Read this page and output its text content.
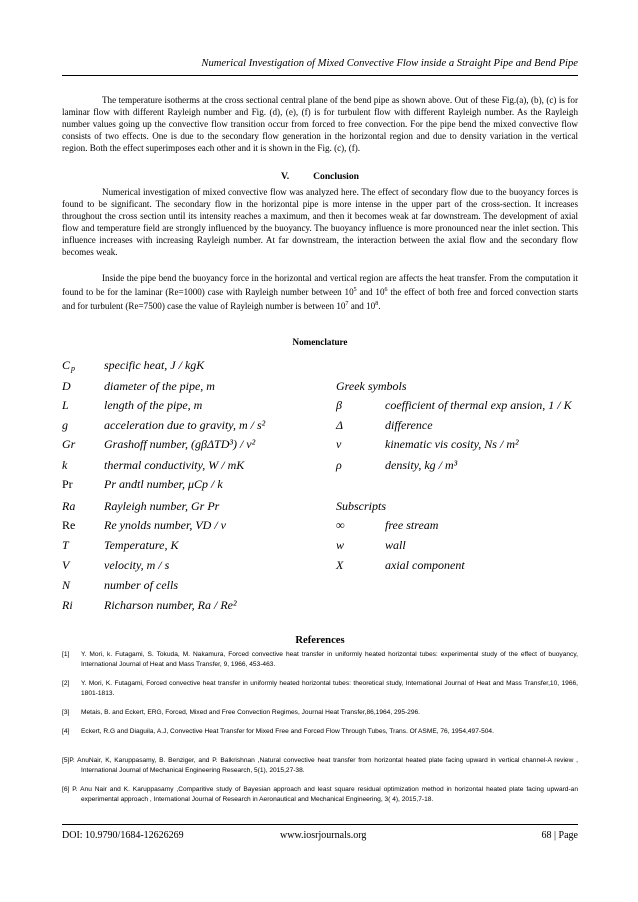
Numerical Investigation of Mixed Convective Flow inside a Straight Pipe and Bend Pipe

The temperature isotherms at the cross sectional central plane of the bend pipe as shown above. Out of these Fig.(a), (b), (c) is for laminar flow with different Rayleigh number and Fig. (d), (e), (f) is for turbulent flow with different Rayleigh number. As the Rayleigh number values going up the convective flow transition occur from forced to free convection. For the pipe bend the mixed convective flow consists of two effects. One is due to the secondary flow generation in the horizontal region and due to density variation in the vertical region. Both the effect superimposes each other and it is shown in the Fig. (c), (f).

V.	Conclusion

Numerical investigation of mixed convective flow was analyzed here. The effect of secondary flow due to the buoyancy forces is found to be significant. The secondary flow in the horizontal pipe is more intense in the upper part of the cross-section. It increases throughout the cross section until its intensity reaches a maximum, and then it becomes weak at far downstream. The development of axial flow and temperature field are strongly influenced by the buoyancy. The buoyancy influence is more pronounced near the inlet section. This influence increases with increasing Rayleigh number. At far downstream, the interaction between the axial flow and the secondary flow becomes weak.

Inside the pipe bend the buoyancy force in the horizontal and vertical region are affects the heat transfer. From the computation it found to be for the laminar (Re=1000) case with Rayleigh number between $10^5$ and $10^6$ the effect of both free and forced convection starts and for turbulent (Re=7500) case the value of Rayleigh number is between $10^7$ and $10^8$.

Nomenclature
C p specific heat, J / kgK
D	diameter of the pipe, m	Greek symbols
L	length of the pipe, m	β	coefficient of thermal exp ansion, 1 / K
g	acceleration due to gravity, m / s²	Δ	difference
Gr Grashoff number, (gβΔTD³) / ν²	ν	kinematic vis cosity, Ns / m²
k	thermal conductivity, W / mK	ρ	density, kg / m³
Pr	Pr andtl number, μCp / k
Ra Rayleigh number, Gr Pr	Subscripts
Re Re ynolds number, VD / ν	∞	free stream
T	Temperature, K	w	wall
V	velocity, m / s	X	axial component
N	number of cells
Ri	Richarson number, Ra / Re²
References
[1] Y. Mori, k. Futagami, S. Tokuda, M. Nakamura, Forced convective heat transfer in uniformly heated horizontal tubes: experimental study of the effect of buoyancy, International Journal of Heat and Mass Transfer, 9, 1966, 453-463.
[2] Y. Mori, K. Futagami, Forced convective heat transfer in uniformly heated horizontal tubes: theoretical study, International Journal of Heat and Mass Transfer,10, 1966, 1801-1813.
[3] Metais, B. and Eckert, ERG, Forced, Mixed and Free Convection Regimes, Journal Heat Transfer,86,1964, 295-296.
[4] Eckert, R.G and Diaguila, A.J, Convective Heat Transfer for Mixed Free and Forced Flow Through Tubes, Trans. Of ASME, 76, 1954,497-504.
[5]P. AnuNair, K, Karuppasamy, B. Benziger, and P. Balkrishnan ,Natural convective heat transfer from horizontal heated plate facing upward in vertical channel-A review , International Journal of Mechanical Engineering Research, 5(1), 2015,27-38.
[6] P. Anu Nair and K. Karuppasamy ,Comparitive study of Bayesian approach and least square residual optimization method in horizontal heated plate facing upward-an experimental approach , International Journal of Research in Aeronautical and Mechanical Engineering, 3( 4), 2015,7-18.
DOI: 10.9790/1684-12626269	www.iosrjournals.org	68 | Page
